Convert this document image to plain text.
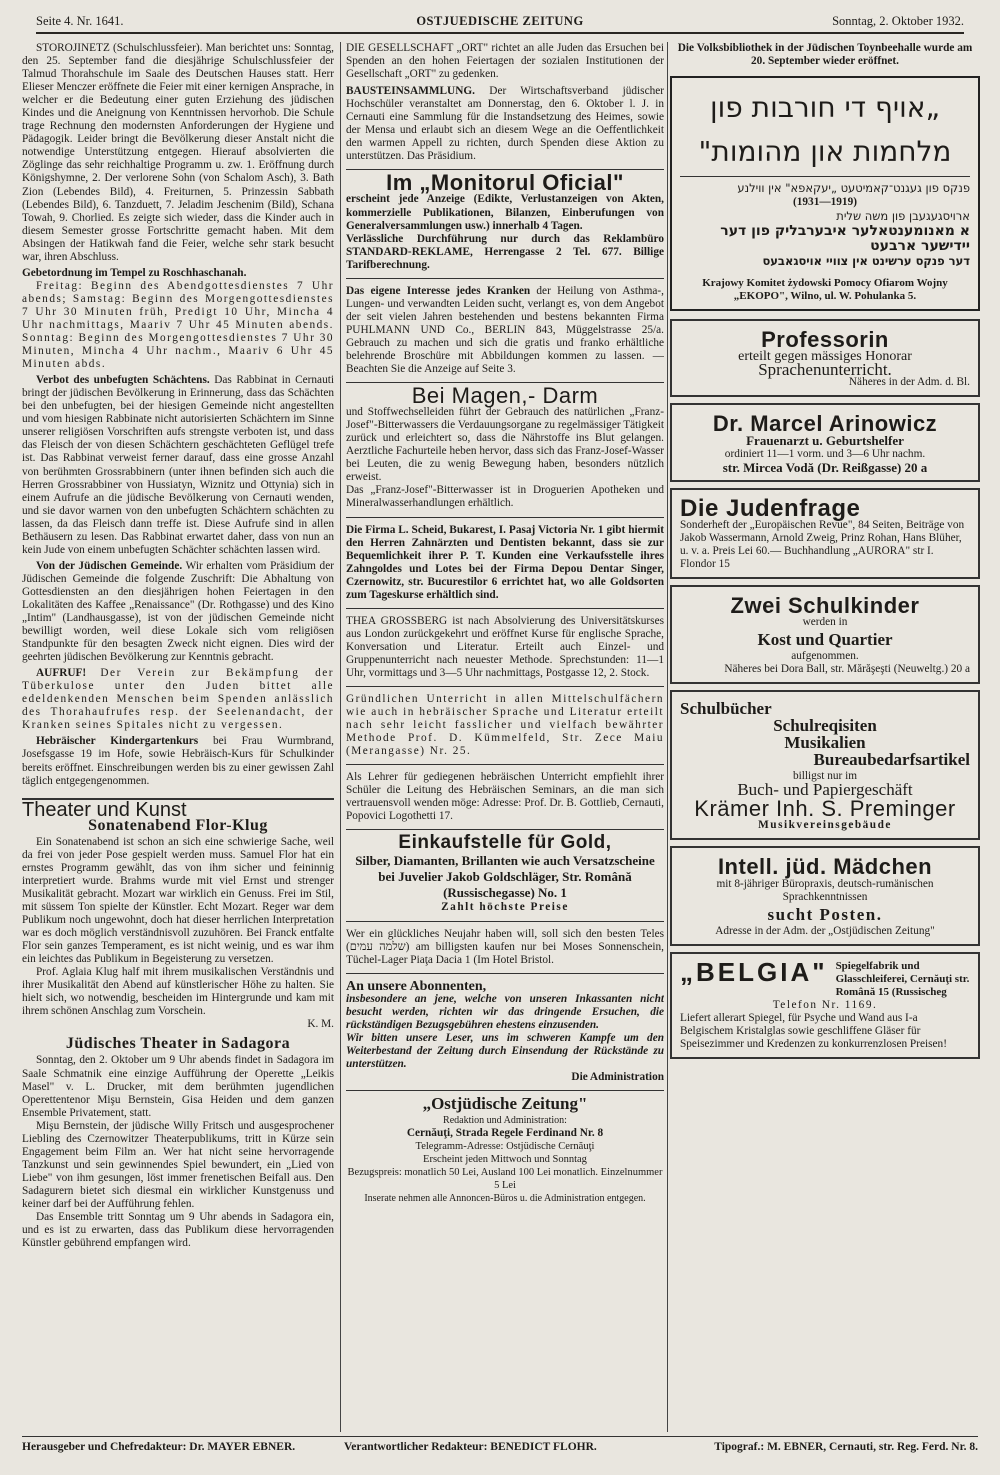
Seite 4. Nr. 1641.	OSTJUEDISCHE ZEITUNG	Sonntag, 2. Oktober 1932.

STOROJINETZ (Schulschlussfeier). Man berichtet uns: Sonntag, den 25. September fand die diesjährige Schulschlussfeier der Talmud Thorahschule im Saale des Deutschen Hauses statt. Herr Elieser Menczer eröffnete die Feier mit einer kernigen Ansprache, in welcher er die Bedeutung einer guten Erziehung des jüdischen Kindes und die Aneignung von Kenntnissen hervorhob. Die Schule trage Rechnung den modernsten Anforderungen der Hygiene und Pädagogik. Leider bringt die Bevölkerung dieser Anstalt nicht die notwendige Unterstützung entgegen. Hierauf absolvierten die Zöglinge das sehr reichhaltige Programm u. zw. 1. Eröffnung durch Königshymne, 2. Der verlorene Sohn (von Schalom Asch), 3. Bath Zion (Lebendes Bild), 4. Freiturnen, 5. Prinzessin Sabbath (Lebendes Bild), 6. Tanzduett, 7. Jeladim Jeschenim (Bild), Schana Towah, 9. Chorlied. Es zeigte sich wieder, dass die Kinder auch in diesem Semester grosse Fortschritte gemacht haben. Mit dem Absingen der Hatikwah fand die Feier, welche sehr stark besucht war, ihren Abschluss.

Gebetordnung im Tempel zu Roschhaschanah.

Freitag: Beginn des Abendgottesdienstes 7 Uhr abends; Samstag: Beginn des Morgengottesdienstes 7 Uhr 30 Minuten früh, Predigt 10 Uhr, Mincha 4 Uhr nachmittags, Maariv 7 Uhr 45 Minuten abends. Sonntag: Beginn des Morgengottesdienstes 7 Uhr 30 Minuten, Mincha 4 Uhr nachm., Maariv 6 Uhr 45 Minuten abds.

Verbot des unbefugten Schächtens. Das Rabbinat in Cernauti bringt der jüdischen Bevölkerung in Erinnerung, dass das Schächten bei den unbefugten, bei der hiesigen Gemeinde nicht angestellten und vom hiesigen Rabbinate nicht autorisierten Schächtern im Sinne unserer religiösen Vorschriften aufs strengste verboten ist, und dass das Fleisch der von diesen Schächtern geschächteten Geflügel trefe ist. Das Rabbinat verweist ferner darauf, dass eine grosse Anzahl von berühmten Grossrabbinern (unter ihnen befinden sich auch die Herren Grossrabbiner von Hussiatyn, Wiznitz und Ottynia) sich in einem Aufrufe an die jüdische Bevölkerung von Cernauti wenden, und sie davor warnen von den unbefugten Schächtern schächten zu lassen, da das Fleisch dann treffe ist. Diese Aufrufe sind in allen Bethäusern zu lesen. Das Rabbinat erwartet daher, dass von nun an kein Jude von einem unbefugten Schächter schächten lassen wird.

Von der Jüdischen Gemeinde. Wir erhalten vom Präsidium der Jüdischen Gemeinde die folgende Zuschrift: Die Abhaltung von Gottesdiensten an den diesjährigen hohen Feiertagen in den Lokalitäten des Kaffee „Renaissance" (Dr. Rothgasse) und des Kino „Intim" (Landhausgasse), ist von der jüdischen Gemeinde nicht bewilligt worden, weil diese Lokale sich vom religiösen Standpunkte für den besagten Zweck nicht eignen. Dies wird der geehrten jüdischen Bevölkerung zur Kenntnis gebracht.

AUFRUF! Der Verein zur Bekämpfung der Tüberkulose unter den Juden bittet alle edeldenkenden Menschen beim Spenden anlässlich des Thorahaufrufes resp. der Seelenandacht, der Kranken seines Spitales nicht zu vergessen.

Hebräischer Kindergartenkurs bei Frau Wurmbrand, Josefsgasse 19 im Hofe, sowie Hebräisch-Kurs für Schulkinder bereits eröffnet. Einschreibungen werden bis zu einer gewissen Zahl täglich entgegengenommen.

Theater und Kunst
Sonatenabend Flor-Klug

Ein Sonatenabend ist schon an sich eine schwierige Sache, weil da frei von jeder Pose gespielt werden muss. Samuel Flor hat ein ernstes Programm gewählt, das von ihm sicher und feininnig interpretiert wurde. Brahms wurde mit viel Ernst und strenger Musikalität gebracht. Mozart war wirklich ein Genuss. Frei im Stil, mit süssem Ton spielte der Künstler. Echt Mozart. Reger war dem Publikum noch ungewohnt, doch hat dieser herrlichen Interpretation war es doch möglich verständnisvoll zuzuhören. Bei Franck entfalte Flor sein ganzes Temperament, es ist nicht weinig, und es war ihm ein leichtes das Publikum in Begeisterung zu versetzen.

Prof. Aglaia Klug half mit ihrem musikalischen Verständnis und ihrer Musikalität den Abend auf künstlerischer Höhe zu halten. Sie hielt sich, wo notwendig, bescheiden im Hintergrunde und kam mit ihrem schönen Anschlag zum Vorschein.

K. M.
Jüdisches Theater in Sadagora

Sonntag, den 2. Oktober um 9 Uhr abends findet in Sadagora im Saale Schmatnik eine einzige Aufführung der Operette „Leikis Masel" v. L. Drucker, mit dem berühmten jugendlichen Operettentenor Mişu Bernstein, Gisa Heiden und dem ganzen Ensemble Privatement, statt.

Mişu Bernstein, der jüdische Willy Fritsch und ausgesprochener Liebling des Czernowitzer Theaterpublikums, tritt in Kürze sein Engagement beim Film an. Wer hat nicht seine hervorragende Tanzkunst und sein gewinnendes Spiel bewundert, ein „Lied von Liebe" von ihm gesungen, löst immer frenetischen Beifall aus. Den Sadagurern bietet sich diesmal ein wirklicher Kunstgenuss und keiner darf bei der Aufführung fehlen.

Das Ensemble tritt Sonntag um 9 Uhr abends in Sadagora ein, und es ist zu erwarten, dass das Publikum diese hervorragenden Künstler gebührend empfangen wird.

DIE GESELLSCHAFT „ORT" richtet an alle Juden das Ersuchen bei Spenden an den hohen Feiertagen der sozialen Institutionen der Gesellschaft „ORT" zu gedenken.

BAUSTEINSAMMLUNG. Der Wirtschaftsverband jüdischer Hochschüler veranstaltet am Donnerstag, den 6. Oktober l. J. in Cernauti eine Sammlung für die Instandsetzung des Heimes, sowie der Mensa und erlaubt sich an diesem Wege an die Oeffentlichkeit den warmen Appell zu richten, durch Spenden diese Aktion zu unterstützen. Das Präsidium.

Im „Monitorul Oficial"

erscheint jede Anzeige (Edikte, Verlustanzeigen von Akten, kommerzielle Publikationen, Bilanzen, Einberufungen von Generalversammlungen usw.) innerhalb 4 Tagen.

Verlässliche Durchführung nur durch das Reklambüro STANDARD-REKLAME, Herrengasse 2 Tel. 677. Billige Tarifberechnung.

Das eigene Interesse jedes Kranken der Heilung von Asthma-, Lungen- und verwandten Leiden sucht, verlangt es, von dem Angebot der seit vielen Jahren bestehenden und bestens bekannten Firma PUHLMANN UND Co., BERLIN 843, Müggelstrasse 25/a. Gebrauch zu machen und sich die gratis und franko erhältliche belehrende Broschüre mit Abbildungen kommen zu lassen. — Beachten Sie die Anzeige auf Seite 3.

Bei Magen,- Darm

und Stoffwechselleiden führt der Gebrauch des natürlichen „Franz-Josef"-Bitterwassers die Verdauungsorgane zu regelmässiger Tätigkeit zurück und erleichtert so, dass die Nährstoffe ins Blut gelangen. Aerztliche Fachurteile heben hervor, dass sich das Franz-Josef-Wasser bei Leuten, die zu wenig Bewegung haben, besonders nützlich erweist.

Das „Franz-Josef"-Bitterwasser ist in Droguerien Apotheken und Mineralwasserhandlungen erhältlich.

Die Firma L. Scheid, Bukarest, I. Pasaj Victoria Nr. 1 gibt hiermit den Herren Zahnärzten und Dentisten bekannt, dass sie zur Bequemlichkeit ihrer P. T. Kunden eine Verkaufsstelle ihres Zahngoldes und Lotes bei der Firma Depou Dentar Singer, Czernowitz, str. Bucurestilor 6 errichtet hat, wo alle Goldsorten zum Tageskurse erhältlich sind.

THEA GROSSBERG ist nach Absolvierung des Universitätskurses aus London zurückgekehrt und eröffnet Kurse für englische Sprache, Konversation und Literatur. Erteilt auch Einzel- und Gruppenunterricht nach neuester Methode. Sprechstunden: 11—1 Uhr, vormittags und 3—5 Uhr nachmittags, Postgasse 12, 2. Stock.

Gründlichen Unterricht in allen Mittelschulfächern wie auch in hebräischer Sprache und Literatur erteilt nach sehr leicht fasslicher und vielfach bewährter Methode Prof. D. Kümmelfeld, Str. Zece Maiu (Merangasse) Nr. 25.

Als Lehrer für gediegenen hebräischen Unterricht empfiehlt ihrer Schüler die Leitung des Hebräischen Seminars, an die man sich vertrauensvoll wenden möge: Adresse: Prof. Dr. B. Gottlieb, Cernauti, Popovici Logothetti 17.

Einkaufstelle für Gold,

Silber, Diamanten, Brillanten wie auch Versatzscheine bei Juvelier Jakob Goldschläger, Str. Română (Russischegasse) No. 1

Zahlt höchste Preise

Wer ein glückliches Neujahr haben will, soll sich den besten Teles (שלמה עמים) am billigsten kaufen nur bei Moses Sonnenschein, Tüchel-Lager Piaţa Dacia 1 (Im Hotel Bristol.

An unsere Abonnenten,

insbesondere an jene, welche von unseren Inkassanten nicht besucht werden, richten wir das dringende Ersuchen, die rückständigen Bezugsgebühren ehestens einzusenden.

Wir bitten unsere Leser, uns im schweren Kampfe um den Weiterbestand der Zeitung durch Einsendung der Rückstände zu unterstützen.

Die Administration
„Ostjüdische Zeitung"
Redaktion und Administration:
Cernăuţi, Strada Regele Ferdinand Nr. 8
Telegramm-Adresse: Ostjüdische Cernăuţi
Erscheint jeden Mittwoch und Sonntag
Bezugspreis: monatlich 50 Lei, Ausland 100 Lei monatlich. Einzelnummer 5 Lei
Inserate nehmen alle Annoncen-Büros u. die Administration entgegen.

Die Volksbibliothek in der Jüdischen Toynbeehalle wurde am 20. September wieder eröffnet.

„אויף די חורבות פון
מלחמות און מהומות"
פנקס פון געגנט־קאמיטעט „יעקאפא" אין ווילנע
(1931—1919)
ארויסגעגעבן פון משה שלית
א מאנומענטאלער איבערבליק פון דער יידישער ארבעט
דער פנקס ערשינט אין צוויי אויסגאבעס
Krajowy Komitet żydowski Pomocy Ofiarom Wojny „EKOPO", Wilno, ul. W. Pohulanka 5.
Professorin
erteilt gegen mässiges Honorar
Sprachenunterricht.
Näheres in der Adm. d. Bl.
Dr. Marcel Arinowicz
Frauenarzt u. Geburtshelfer
ordiniert 11—1 vorm. und 3—6 Uhr nachm.
str. Mircea Vodă (Dr. Reißgasse) 20 a
Die Judenfrage

Sonderheft der „Europäischen Revue", 84 Seiten, Beiträge von Jakob Wassermann, Arnold Zweig, Prinz Rohan, Hans Blüher, u. v. a. Preis Lei 60.— Buchhandlung „AURORA" str I. Flondor 15

Zwei Schulkinder
werden in
Kost und Quartier
aufgenommen.
Näheres bei Dora Ball, str. Mărăşeşti (Neuweltg.) 20 a
Schulbücher
Schulreqisiten
Musikalien
Bureaubedarfsartikel
billigst nur im
Buch- und Papiergeschäft
Krämer Inh. S. Preminger
Musikvereinsgebäude
Intell. jüd. Mädchen
mit 8-jähriger Büropraxis, deutsch-rumänischen Sprachkenntnissen
sucht Posten.
Adresse in der Adm. der „Ostjüdischen Zeitung"
„BELGIA" Spiegelfabrik und Glasschleiferei, Cernăuţi str. Română 15 (Russischeg
Telefon Nr. 1169.

Liefert allerart Spiegel, für Psyche und Wand aus I-a Belgischem Kristalglas sowie geschliffene Gläser für Speisezimmer und Kredenzen zu konkurrenzlosen Preisen!

Herausgeber und Chefredakteur: Dr. MAYER EBNER.	Verantwortlicher Redakteur: BENEDICT FLOHR.	Tipograf.: M. EBNER, Cernauti, str. Reg. Ferd. Nr. 8.
